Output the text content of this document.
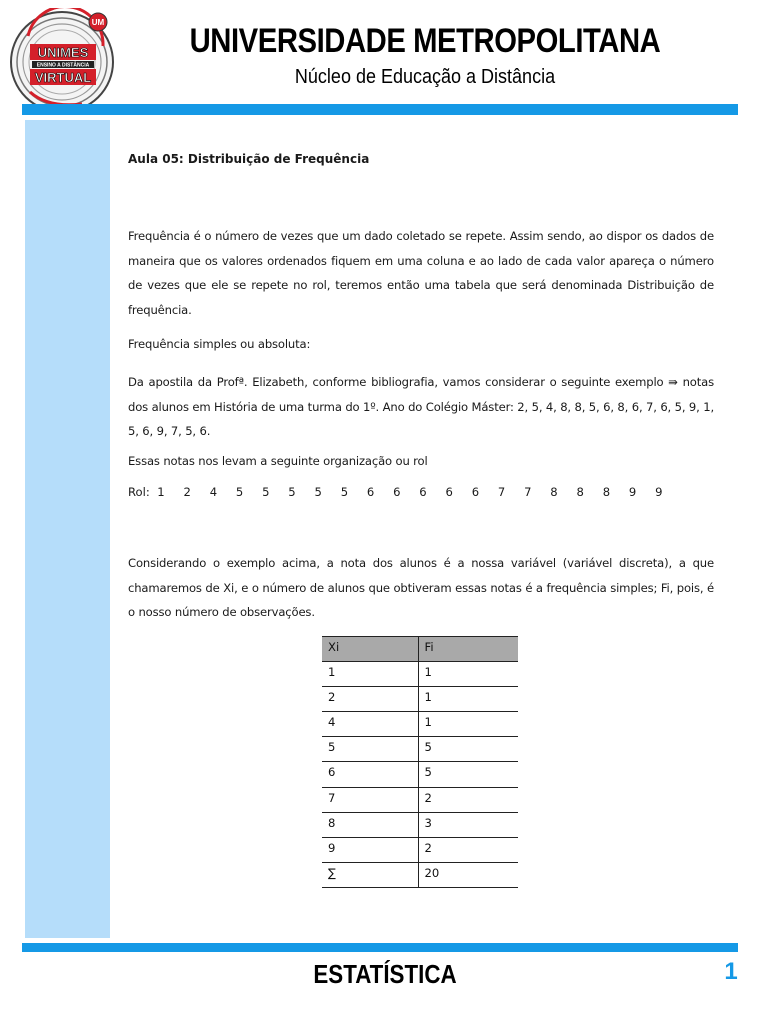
UNIMES
ENSINO A DISTÂNCIA
VIRTUAL
UM	UNIVERSIDADE METROPOLITANA
Núcleo de Educação a Distância
Aula 05: Distribuição de Frequência

Frequência é o número de vezes que um dado coletado se repete. Assim sendo, ao dispor os dados de maneira que os valores ordenados fiquem em uma coluna e ao lado de cada valor apareça o número de vezes que ele se repete no rol, teremos então uma tabela que será denominada Distribuição de frequência.

Frequência simples ou absoluta:

Da apostila da Profª. Elizabeth, conforme bibliografia, vamos considerar o seguinte exemplo ⇛ notas dos alunos em História de uma turma do 1º. Ano do Colégio Máster: 2, 5, 4, 8, 8, 5, 6, 8, 6, 7, 6, 5, 9, 1, 5, 6, 9, 7, 5, 6.

Essas notas nos levam a seguinte organização ou rol

Considerando o exemplo acima, a nota dos alunos é a nossa variável (variável discreta), a que chamaremos de Xi, e o número de alunos que obtiveram essas notas é a frequência simples; Fi, pois, é o nosso número de observações.

Rol: 1 2 4 5 5 5 5 5 6 6 6 6 6 7 7 8 8 8 9 9
Xi	Fi
1	1
2	1
4	1
5	5
6	5
7	2
8	3
9	2
∑	20
ESTATÍSTICA	1
